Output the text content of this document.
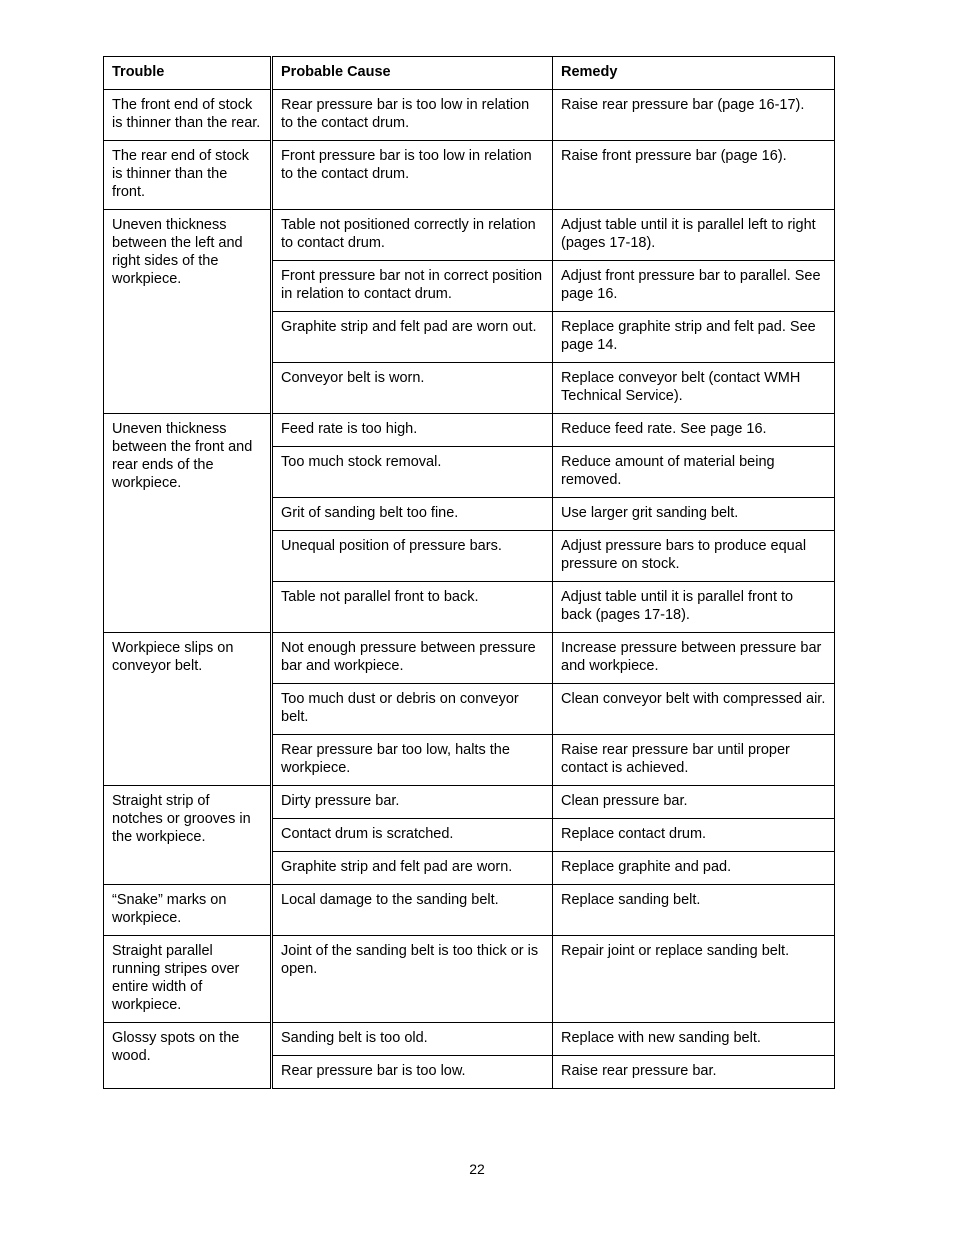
Trouble	Probable Cause	Remedy
The front end of stock is thinner than the rear.	Rear pressure bar is too low in relation to the contact drum.	Raise rear pressure bar (page 16-17).
The rear end of stock is thinner than the front.	Front pressure bar is too low in relation to the contact drum.	Raise front pressure bar (page 16).
Uneven thickness between the left and right sides of the workpiece.	Table not positioned correctly in relation to contact drum.	Adjust table until it is parallel left to right (pages 17-18).
	Front pressure bar not in correct position in relation to contact drum.	Adjust front pressure bar to parallel. See page 16.
	Graphite strip and felt pad are worn out.	Replace graphite strip and felt pad. See page 14.
	Conveyor belt is worn.	Replace conveyor belt (contact WMH Technical Service).
Uneven thickness between the front and rear ends of the workpiece.	Feed rate is too high.	Reduce feed rate. See page 16.
	Too much stock removal.	Reduce amount of material being removed.
	Grit of sanding belt too fine.	Use larger grit sanding belt.
	Unequal position of pressure bars.	Adjust pressure bars to produce equal pressure on stock.
	Table not parallel front to back.	Adjust table until it is parallel front to back (pages 17-18).
Workpiece slips on conveyor belt.	Not enough pressure between pressure bar and workpiece.	Increase pressure between pressure bar and workpiece.
	Too much dust or debris on conveyor belt.	Clean conveyor belt with compressed air.
	Rear pressure bar too low, halts the workpiece.	Raise rear pressure bar until proper contact is achieved.
Straight strip of notches or grooves in the workpiece.	Dirty pressure bar.	Clean pressure bar.
	Contact drum is scratched.	Replace contact drum.
	Graphite strip and felt pad are worn.	Replace graphite and pad.
“Snake” marks on workpiece.	Local damage to the sanding belt.	Replace sanding belt.
Straight parallel running stripes over entire width of workpiece.	Joint of the sanding belt is too thick or is open.	Repair joint or replace sanding belt.
Glossy spots on the wood.	Sanding belt is too old.	Replace with new sanding belt.
	Rear pressure bar is too low.	Raise rear pressure bar.
22
